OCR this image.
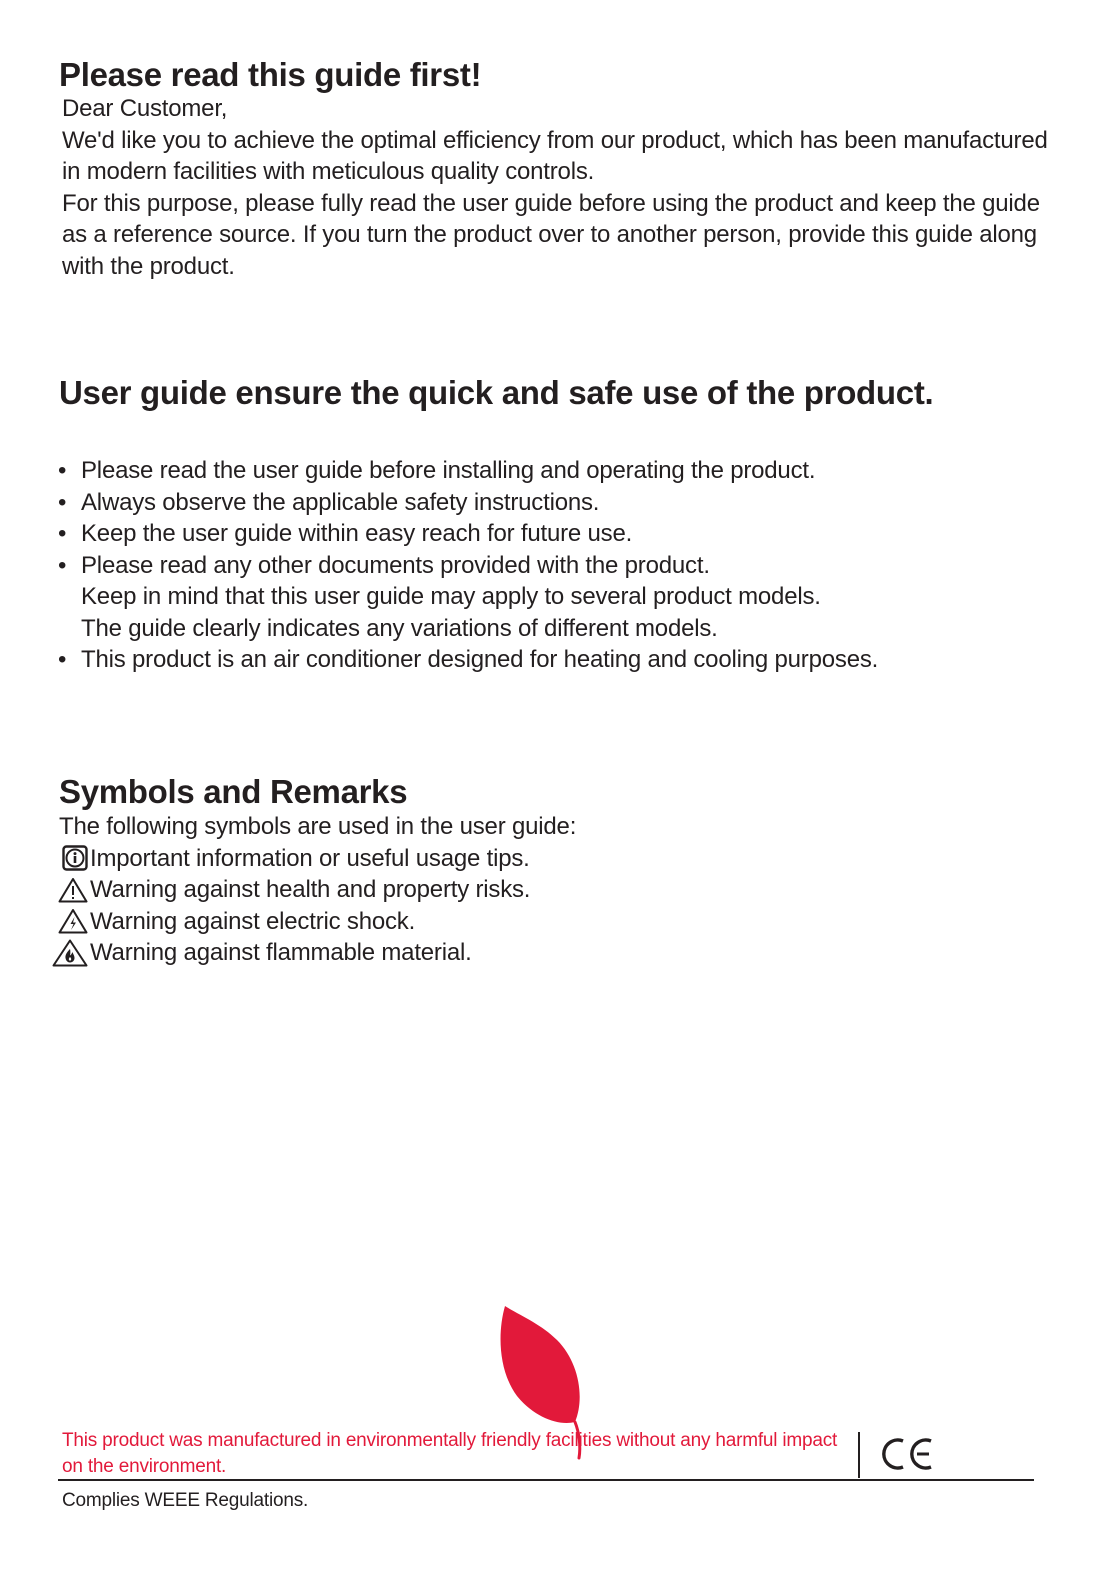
Please read this guide first!

Dear Customer,

We'd like you to achieve the optimal efficiency from our product, which has been manufactured in modern facilities with meticulous quality controls.

For this purpose, please fully read the user guide before using the product and keep the guide as a reference source. If you turn the product over to another person, provide this guide along with the product.

User guide ensure the quick and safe use of the product.
• Please read the user guide before installing and operating the product.
• Always observe the applicable safety instructions.
• Keep the user guide within easy reach for future use.
• Please read any other documents provided with the product.
Keep in mind that this user guide may apply to several product models.
The guide clearly indicates any variations of different models.
• This product is an air conditioner designed for heating and cooling purposes.
Symbols and Remarks
The following symbols are used in the user guide:
Important information or useful usage tips.
Warning against health and property risks.
Warning against electric shock.
Warning against flammable material.
This product was manufactured in environmentally friendly facilities without any harmful impact on the environment.
Complies WEEE Regulations.
